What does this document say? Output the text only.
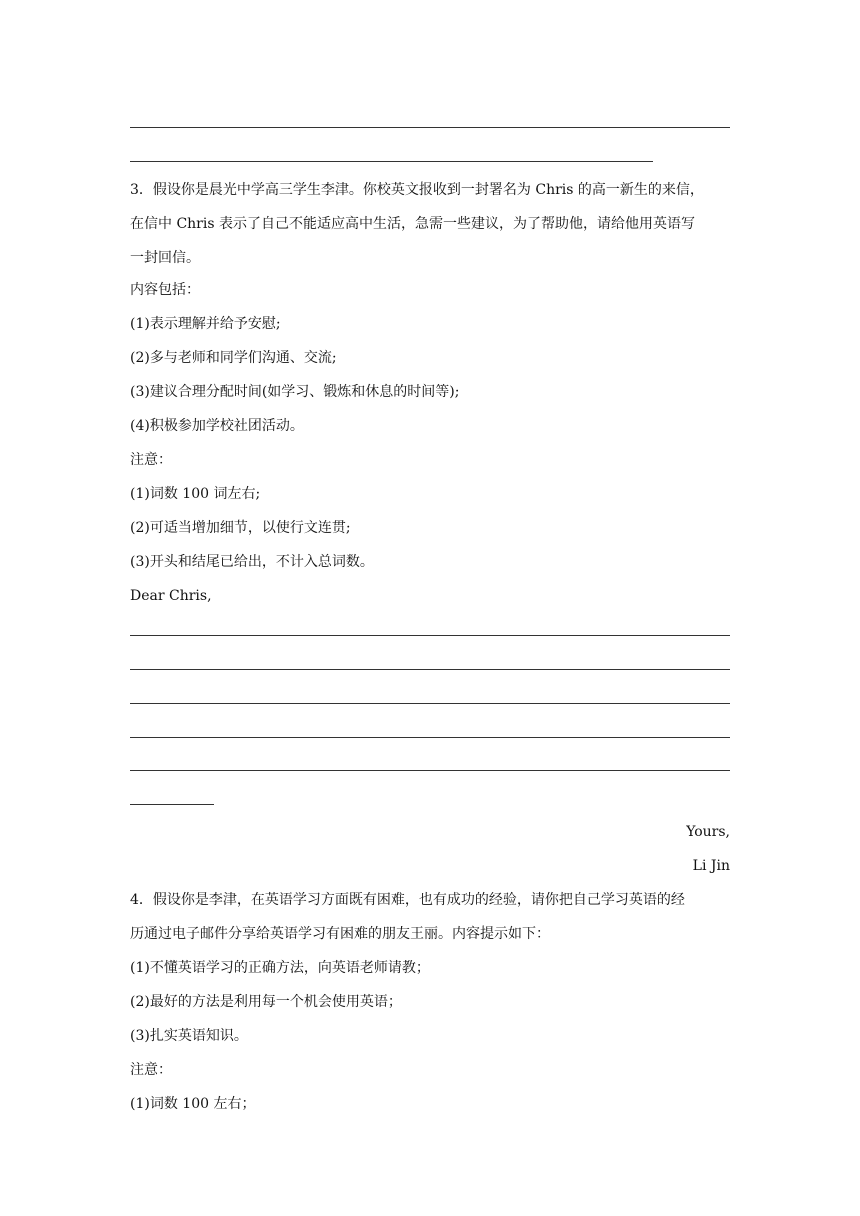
3．假设你是晨光中学高三学生李津。你校英文报收到一封署名为 Chris 的高一新生的来信，
在信中 Chris 表示了自己不能适应高中生活，急需一些建议，为了帮助他，请给他用英语写
一封回信。
内容包括：
(1)表示理解并给予安慰;
(2)多与老师和同学们沟通、交流;
(3)建议合理分配时间(如学习、锻炼和休息的时间等);
(4)积极参加学校社团活动。
注意：
(1)词数 100 词左右;
(2)可适当增加细节，以使行文连贯;
(3)开头和结尾已给出，不计入总词数。
Dear Chris,
Yours,
Li Jin
4．假设你是李津，在英语学习方面既有困难，也有成功的经验，请你把自己学习英语的经
历通过电子邮件分享给英语学习有困难的朋友王丽。内容提示如下：
(1)不懂英语学习的正确方法，向英语老师请教；
(2)最好的方法是利用每一个机会使用英语；
(3)扎实英语知识。
注意：
(1)词数 100 左右；
